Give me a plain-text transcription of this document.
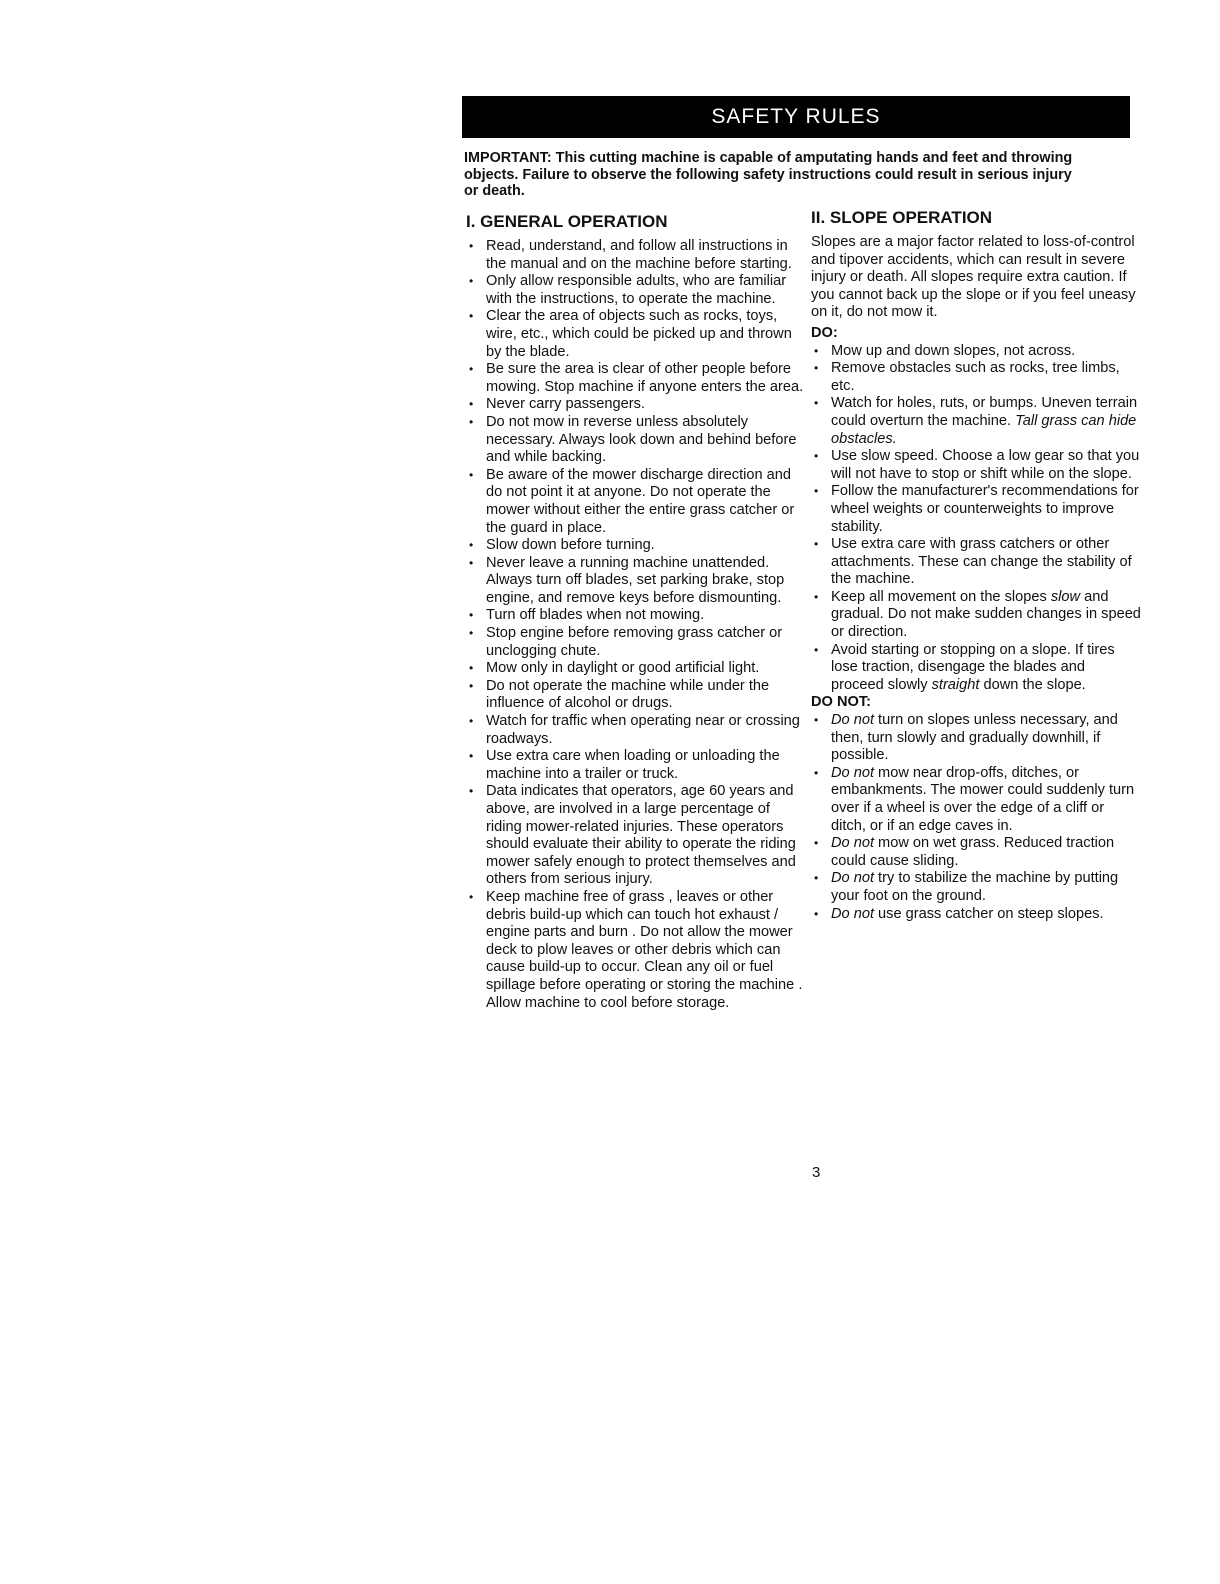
SAFETY RULES
IMPORTANT: This cutting machine is capable of amputating hands and feet and throwing objects. Failure to observe the following safety instructions could result in serious injury or death.
I. GENERAL OPERATION
• Read, understand, and follow all instructions in the manual and on the machine before starting.
• Only allow responsible adults, who are familiar with the instructions, to operate the machine.
• Clear the area of objects such as rocks, toys, wire, etc., which could be picked up and thrown by the blade.
• Be sure the area is clear of other people before mowing. Stop machine if anyone enters the area.
• Never carry passengers.
• Do not mow in reverse unless absolutely necessary. Always look down and behind before and while backing.
• Be aware of the mower discharge direction and do not point it at anyone. Do not operate the mower without either the entire grass catcher or the guard in place.
• Slow down before turning.
• Never leave a running machine unattended. Always turn off blades, set parking brake, stop engine, and remove keys before dismounting.
• Turn off blades when not mowing.
• Stop engine before removing grass catcher or unclogging chute.
• Mow only in daylight or good artificial light.
• Do not operate the machine while under the influence of alcohol or drugs.
• Watch for traffic when operating near or crossing roadways.
• Use extra care when loading or unloading the machine into a trailer or truck.
• Data indicates that operators, age 60 years and above, are involved in a large percentage of riding mower-related injuries. These operators should evaluate their ability to operate the riding mower safely enough to protect themselves and others from serious injury.
• Keep machine free of grass , leaves or other debris build-up which can touch hot exhaust / engine parts and burn . Do not allow the mower deck to plow leaves or other debris which can cause build-up to occur. Clean any oil or fuel spillage before operating or storing the machine . Allow machine to cool before storage.
II. SLOPE OPERATION

Slopes are a major factor related to loss-of-control and tipover accidents, which can result in severe injury or death. All slopes require extra caution. If you cannot back up the slope or if you feel uneasy on it, do not mow it.

DO:

• Mow up and down slopes, not across.
• Remove obstacles such as rocks, tree limbs, etc.
• Watch for holes, ruts, or bumps. Uneven terrain could overturn the machine. Tall grass can hide obstacles.
• Use slow speed. Choose a low gear so that you will not have to stop or shift while on the slope.
• Follow the manufacturer's recommendations for wheel weights or counterweights to improve stability.
• Use extra care with grass catchers or other attachments. These can change the stability of the machine.
• Keep all movement on the slopes slow and gradual. Do not make sudden changes in speed or direction.
• Avoid starting or stopping on a slope. If tires lose traction, disengage the blades and proceed slowly straight down the slope.

DO NOT:

• Do not turn on slopes unless necessary, and then, turn slowly and gradually downhill, if possible.
• Do not mow near drop-offs, ditches, or embankments. The mower could suddenly turn over if a wheel is over the edge of a cliff or ditch, or if an edge caves in.
• Do not mow on wet grass. Reduced traction could cause sliding.
• Do not try to stabilize the machine by putting your foot on the ground.
• Do not use grass catcher on steep slopes.
3
